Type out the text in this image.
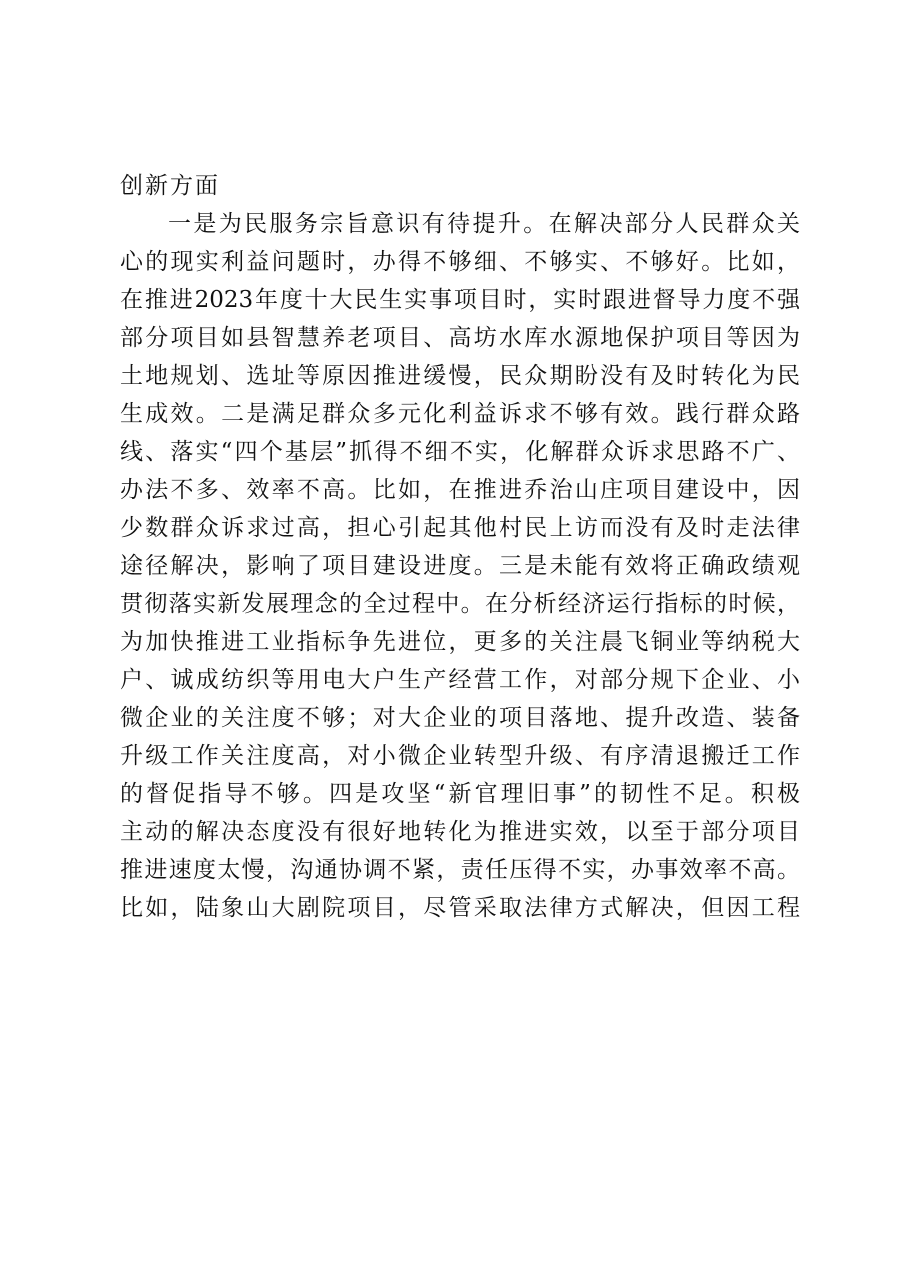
创新方面
一是为民服务宗旨意识有待提升。在解决部分人民群众关
心的现实利益问题时，办得不够细、不够实、不够好。比如，
在推进2023年度十大民生实事项目时，实时跟进督导力度不强
部分项目如县智慧养老项目、高坊水库水源地保护项目等因为
土地规划、选址等原因推进缓慢，民众期盼没有及时转化为民
生成效。二是满足群众多元化利益诉求不够有效。践行群众路
线、落实“四个基层”抓得不细不实，化解群众诉求思路不广、
办法不多、效率不高。比如，在推进乔治山庄项目建设中，因
少数群众诉求过高，担心引起其他村民上访而没有及时走法律
途径解决，影响了项目建设进度。三是未能有效将正确政绩观
贯彻落实新发展理念的全过程中。在分析经济运行指标的时候，
为加快推进工业指标争先进位，更多的关注晨飞铜业等纳税大
户、诚成纺织等用电大户生产经营工作，对部分规下企业、小
微企业的关注度不够；对大企业的项目落地、提升改造、装备
升级工作关注度高，对小微企业转型升级、有序清退搬迁工作
的督促指导不够。四是攻坚“新官理旧事”的韧性不足。积极
主动的解决态度没有很好地转化为推进实效，以至于部分项目
推进速度太慢，沟通协调不紧，责任压得不实，办事效率不高。
比如，陆象山大剧院项目，尽管采取法律方式解决，但因工程
